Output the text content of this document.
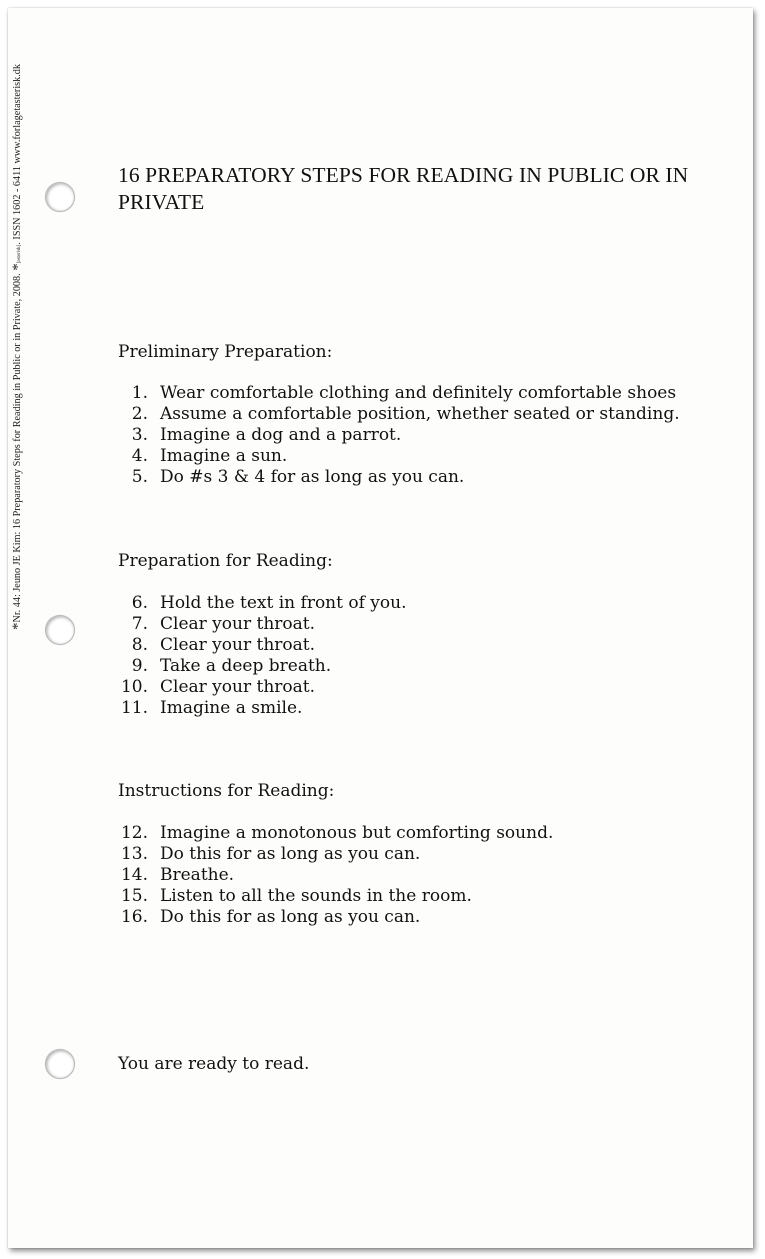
*Nr. 44: Jeuno JE Kim: 16 Preparatory Steps for Reading in Public or in Private, 2008. *[asterisk]. ISSN 1602 - 6411 www.forlagetasterisk.dk	16 PREPARATORY STEPS FOR READING IN PUBLIC OR IN PRIVATE
Preliminary Preparation:
1. Wear comfortable clothing and definitely comfortable shoes
2. Assume a comfortable position, whether seated or standing.
3. Imagine a dog and a parrot.
4. Imagine a sun.
5. Do #s 3 & 4 for as long as you can.
Preparation for Reading:
6. Hold the text in front of you.
7. Clear your throat.
8. Clear your throat.
9. Take a deep breath.
10. Clear your throat.
11. Imagine a smile.
Instructions for Reading:
12. Imagine a monotonous but comforting sound.
13. Do this for as long as you can.
14. Breathe.
15. Listen to all the sounds in the room.
16. Do this for as long as you can.

You are ready to read.
